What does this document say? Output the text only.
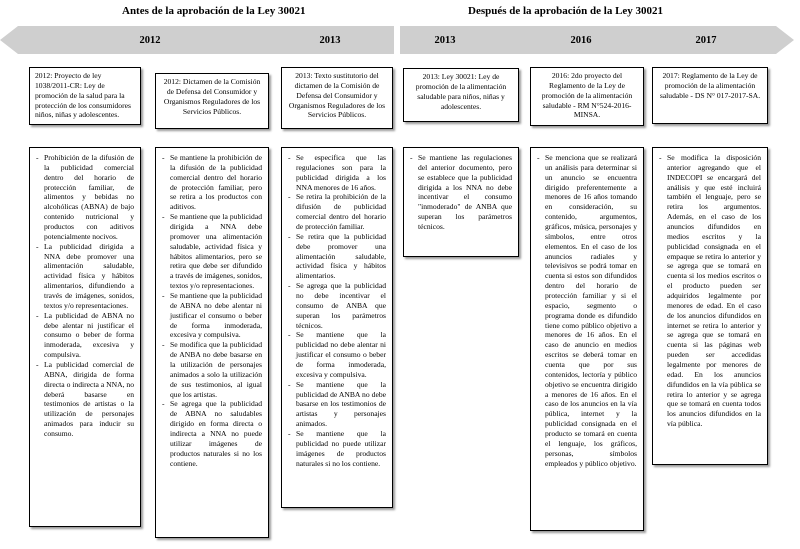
Antes de la aprobación de la Ley 30021	Después de la aprobación de la Ley 30021
2012	2013	2013	2016	2017
2012: Proyecto de ley 1038/2011-CR: Ley de promoción de la salud para la protección de los consumidores niños, niñas y adolescentes.
2012: Dictamen de la Comisión de Defensa del Consumidor y Organismos Reguladores de los Servicios Públicos.
2013: Texto sustitutorio del dictamen de la Comisión de Defensa del Consumidor y Organismos Reguladores de los Servicios Públicos.
2013: Ley 30021: Ley de promoción de la alimentación saludable para niños, niñas y adolescentes.
2016: 2do proyecto del Reglamento de la Ley de promoción de la alimentación saludable - RM N°524-2016-MINSA.
2017: Reglamento de la Ley de promoción de la alimentación saludable - DS N° 017-2017-SA.
- Prohibición de la difusión de la publicidad comercial dentro del horario de protección familiar, de alimentos y bebidas no alcohólicas (ABNA) de bajo contenido nutricional y productos con aditivos potencialmente nocivos.
- La publicidad dirigida a NNA debe promover una alimentación saludable, actividad física y hábitos alimentarios, difundiendo a través de imágenes, sonidos, textos y/o representaciones.
- La publicidad de ABNA no debe alentar ni justificar el consumo o beber de forma inmoderada, excesiva y compulsiva.
- La publicidad comercial de ABNA, dirigida de forma directa o indirecta a NNA, no deberá basarse en testimonios de artistas o la utilización de personajes animados para inducir su consumo.
- Se mantiene la prohibición de la difusión de la publicidad comercial dentro del horario de protección familiar, pero se retira a los productos con aditivos.
- Se mantiene que la publicidad dirigida a NNA debe promover una alimentación saludable, actividad física y hábitos alimentarios, pero se retira que debe ser difundido a través de imágenes, sonidos, textos y/o representaciones.
- Se mantiene que la publicidad de ABNA no debe alentar ni justificar el consumo o beber de forma inmoderada, excesiva y compulsiva.
- Se modifica que la publicidad de ANBA no debe basarse en la utilización de personajes animados a solo la utilización de sus testimonios, al igual que los artistas.
- Se agrega que la publicidad de ABNA no saludables dirigido en forma directa o indirecta a NNA no puede utilizar imágenes de productos naturales si no los contiene.
- Se especifica que las regulaciones son para la publicidad dirigida a los NNA menores de 16 años.
- Se retira la prohibición de la difusión de publicidad comercial dentro del horario de protección familiar.
- Se retira que la publicidad debe promover una alimentación saludable, actividad física y hábitos alimentarios.
- Se agrega que la publicidad no debe incentivar el consumo de ANBA que superan los parámetros técnicos.
- Se mantiene que la publicidad no debe alentar ni justificar el consumo o beber de forma inmoderada, excesiva y compulsiva.
- Se mantiene que la publicidad de ANBA no debe basarse en los testimonios de artistas y personajes animados.
- Se mantiene que la publicidad no puede utilizar imágenes de productos naturales si no los contiene.
- Se mantiene las regulaciones del anterior documento, pero se establece que la publicidad dirigida a los NNA no debe incentivar el consumo "inmoderado" de ANBA que superan los parámetros técnicos.
- Se menciona que se realizará un análisis para determinar si un anuncio se encuentra dirigido preferentemente a menores de 16 años tomando en consideración, su contenido, argumentos, gráficos, música, personajes y símbolos, entre otros elementos. En el caso de los anuncios radiales y televisivos se podrá tomar en cuenta si estos son difundidos dentro del horario de protección familiar y si el espacio, segmento o programa donde es difundido tiene como público objetivo a menores de 16 años. En el caso de anuncio en medios escritos se deberá tomar en cuenta que por sus contenidos, lectoría y público objetivo se encuentra dirigido a menores de 16 años. En el caso de los anuncios en la vía pública, internet y la publicidad consignada en el producto se tomará en cuenta el lenguaje, los gráficos, personas, símbolos empleados y público objetivo.
- Se modifica la disposición anterior agregando que el INDECOPI se encargará del análisis y que esté incluirá también el lenguaje, pero se retira los argumentos. Además, en el caso de los anuncios difundidos en medios escritos y la publicidad consignada en el empaque se retira lo anterior y se agrega que se tomará en cuenta si los medios escritos o el producto pueden ser adquiridos legalmente por menores de edad. En el caso de los anuncios difundidos en internet se retira lo anterior y se agrega que se tomará en cuenta si las páginas web pueden ser accedidas legalmente por menores de edad. En los anuncios difundidos en la vía pública se retira lo anterior y se agrega que se tomará en cuenta todos los anuncios difundidos en la vía pública.
